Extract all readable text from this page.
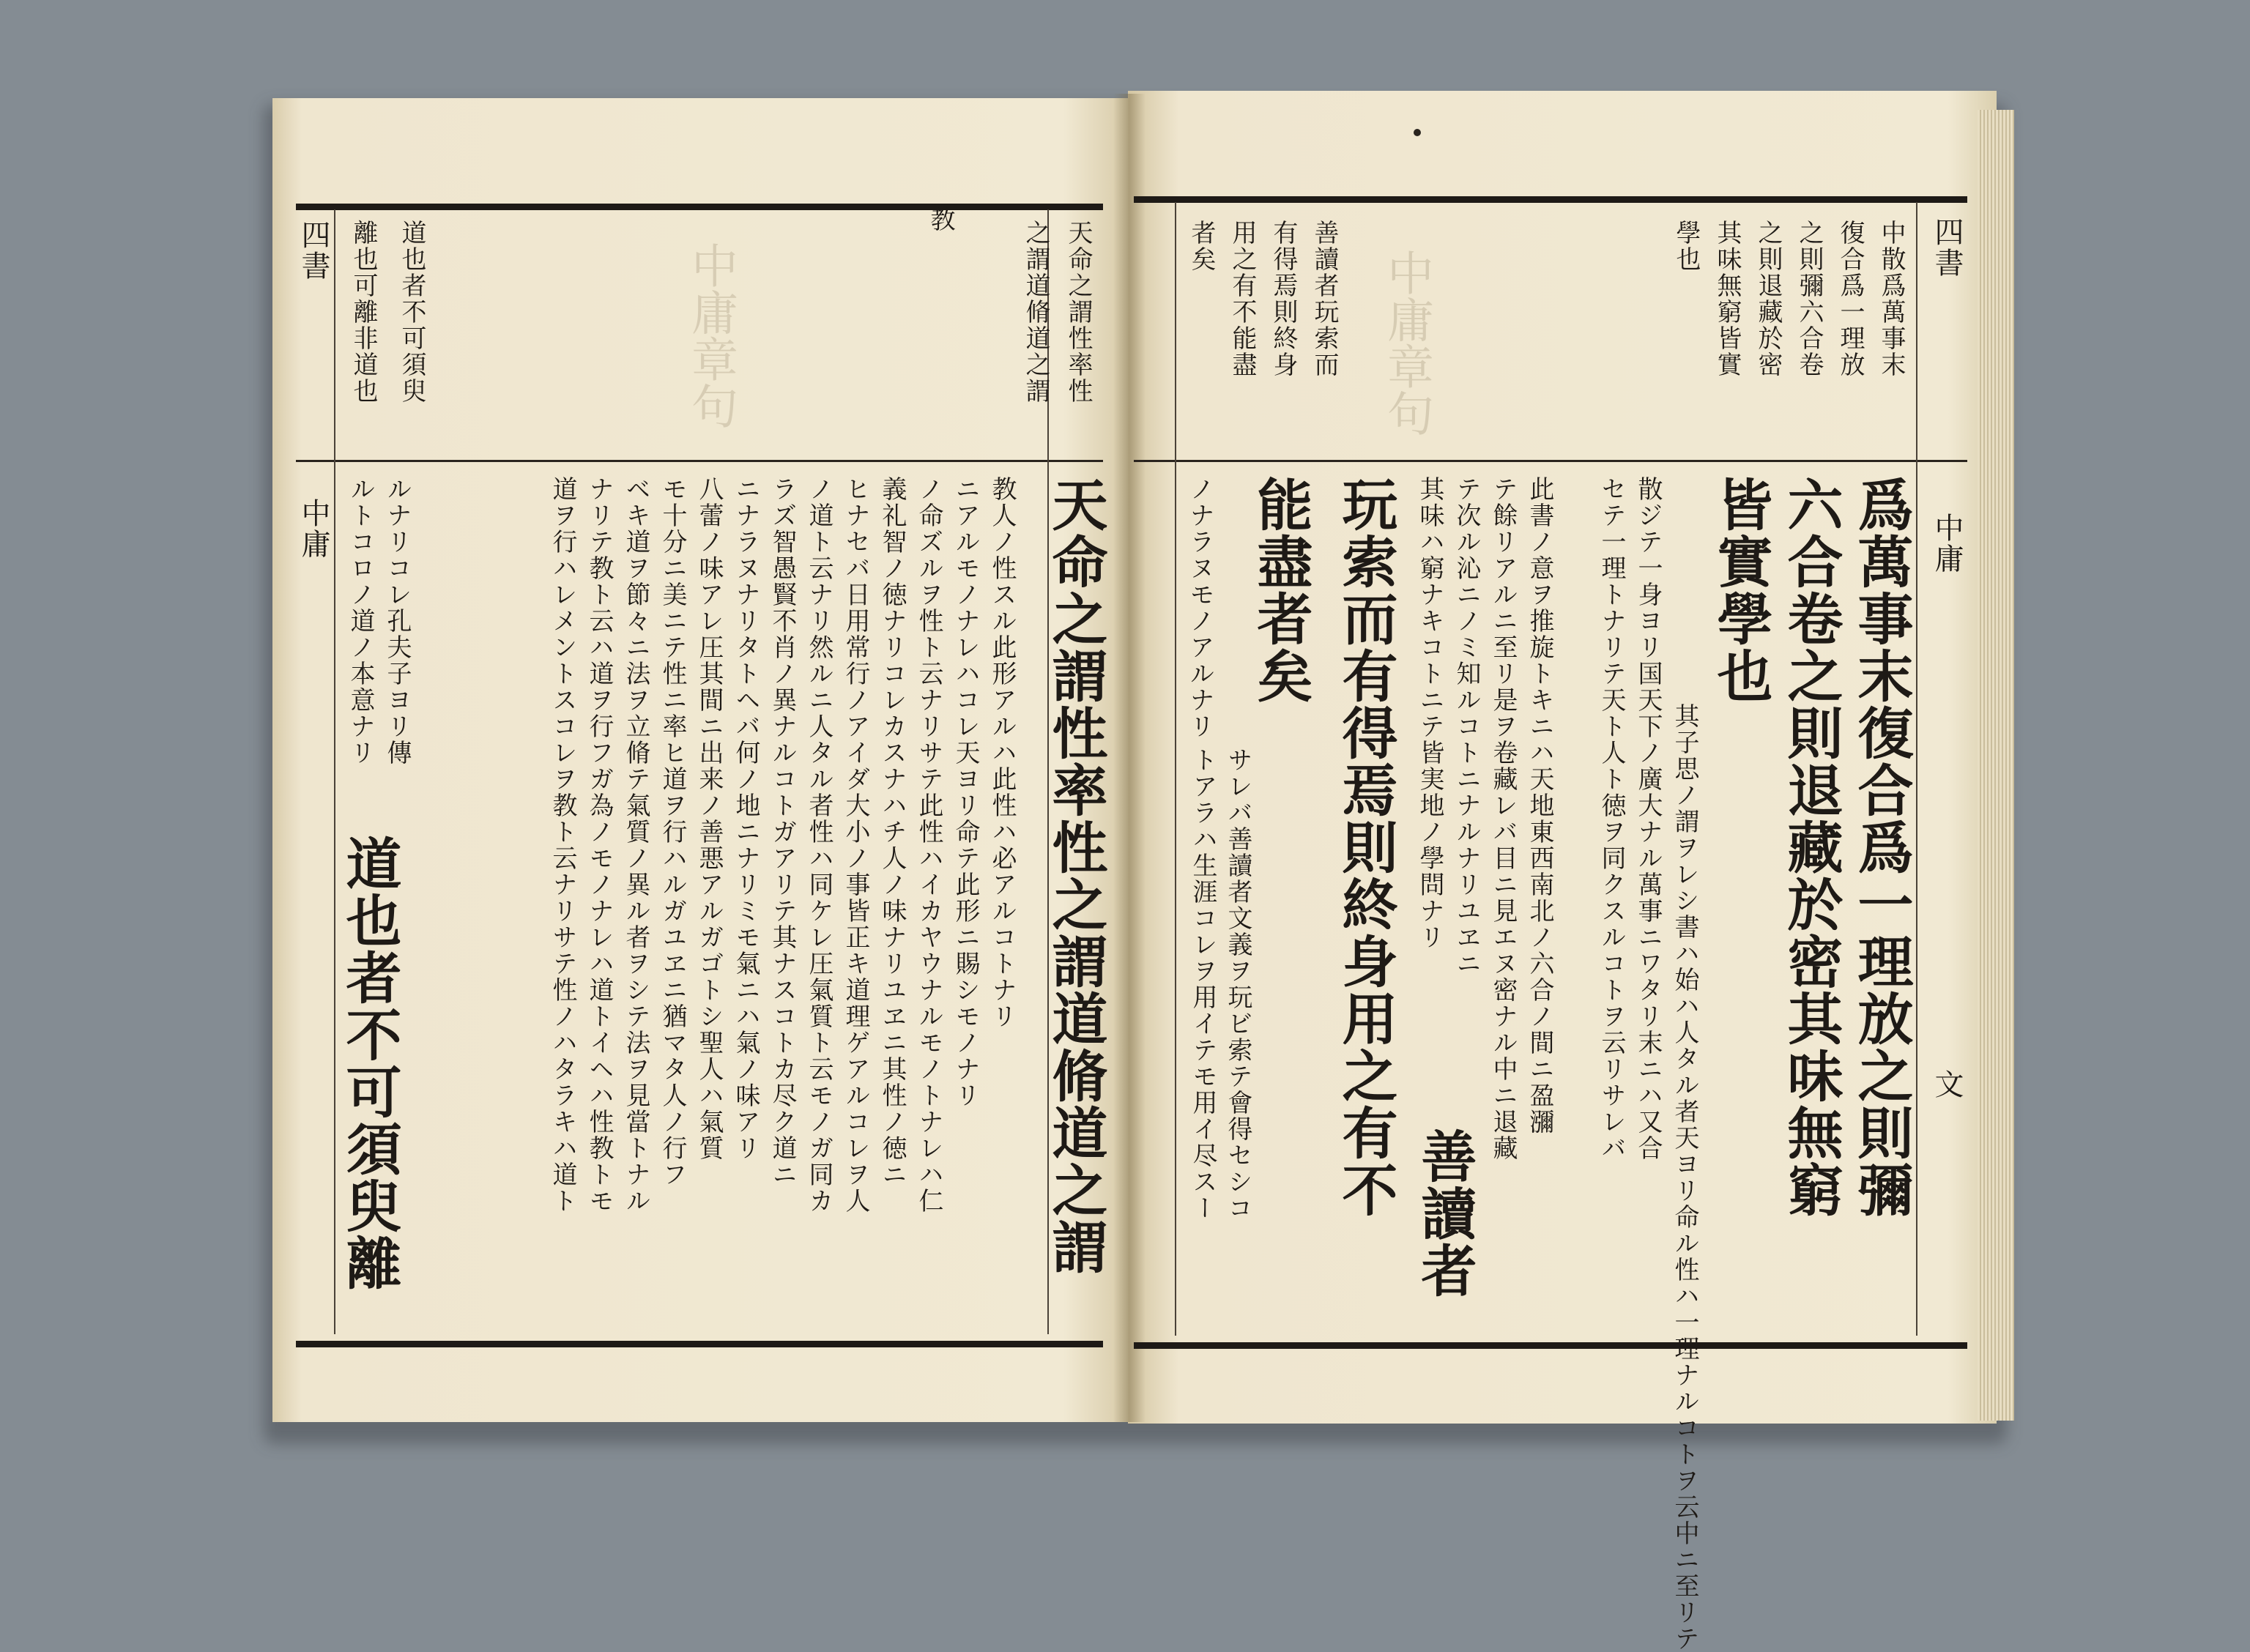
中庸章句	中庸章句
四書
中庸
天命之謂性率性
之謂道脩道之謂
教
道也者不可須臾
離也可離非道也
天命之謂性率性之謂道脩道之謂
教人ノ性スル此形アルハ此性ハ必アルコトナリ
ニアルモノナレハコレ天ヨリ命テ此形ニ賜シモノナリ
ノ命ズルヲ性ト云ナリサテ此性ハイカヤウナルモノトナレハ仁
義礼智ノ徳ナリコレカスナハチ人ノ味ナリユヱニ其性ノ徳ニ
ヒナセバ日用常行ノアイダ大小ノ事皆正キ道理ゲアルコレヲ人
ノ道ト云ナリ然ルニ人タル者性ハ同ケレ圧氣質ト云モノガ同カ
ラズ智愚賢不肖ノ異ナルコトガアリテ其ナスコトカ尽ク道ニ
ニナラヌナリタトヘバ何ノ地ニナリミモ氣ニハ氣ノ味アリ
八蕾ノ味アレ圧其間ニ出来ノ善悪アルガゴトシ聖人ハ氣質
モ十分ニ美ニテ性ニ率ヒ道ヲ行ハルガユヱニ猶マタ人ノ行フ
ベキ道ヲ節々ニ法ヲ立脩テ氣質ノ異ル者ヲシテ法ヲ見當トナル
ナリテ教ト云ハ道ヲ行フガ為ノモノナレハ道トイヘハ性教トモ
道ヲ行ハレメントスコレヲ教ト云ナリサテ性ノハタラキハ道ト
ルナリコレ孔夫子ヨリ傳
ルトコロノ道ノ本意ナリ
道也者不可須臾離
四書
中庸
文
中散爲萬事末
復合爲一理放
之則彌六合卷
之則退藏於密
其味無窮皆實
學也
善讀者玩索而
有得焉則終身
用之有不能盡
者矣
爲萬事末復合爲一理放之則彌
六合卷之則退藏於密其味無窮
皆實學也
其子思ノ謂ヲレシ書ハ始ハ人タル者天ヨリ命ル性ハ一理ナルコトヲ云中ニ至リテ
散ジテ一身ヨリ国天下ノ廣大ナル萬事ニワタリ末ニハ又合
セテ一理トナリテ天ト人ト徳ヲ同クスルコトヲ云リサレバ
此書ノ意ヲ推旋トキニハ天地東西南北ノ六合ノ間ニ盈瀰
テ餘リアルニ至リ是ヲ卷藏レバ目ニ見エヌ密ナル中ニ退藏
テ次ル沁ニノミ知ルコトニナルナリユヱニ
其味ハ窮ナキコトニテ皆実地ノ學問ナリ
ノナラヌモノアルナリ
善讀者
玩索而有得焉則終身用之有不
能盡者矣
サレバ善讀者文義ヲ玩ビ索テ會得セシコ
トアラハ生涯コレヲ用イテモ用イ尽スー
